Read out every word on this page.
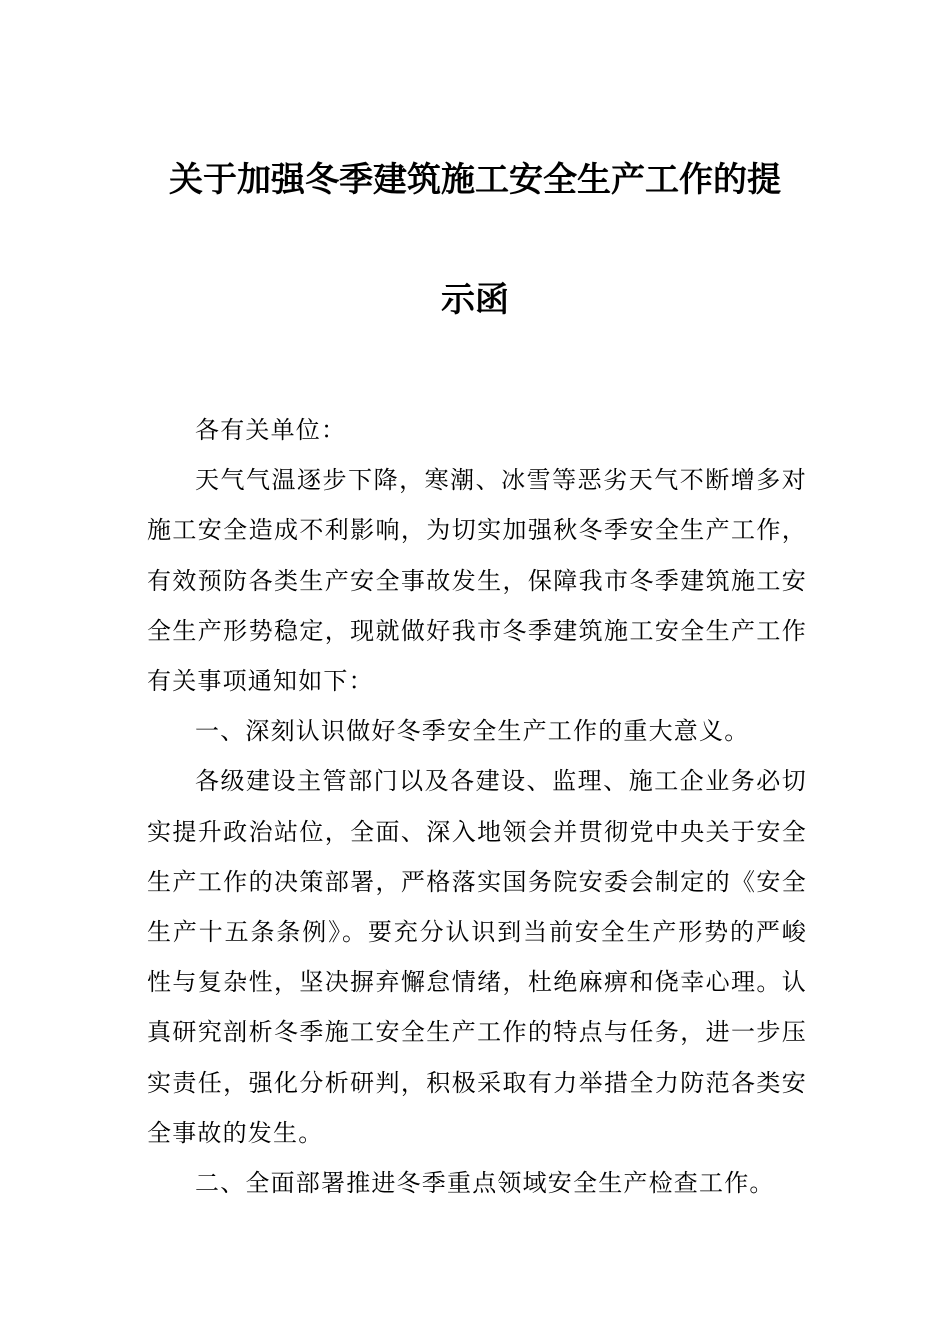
关于加强冬季建筑施工安全生产工作的提
示函

各有关单位：

天气气温逐步下降，寒潮、冰雪等恶劣天气不断增多对施工安全造成不利影响，为切实加强秋冬季安全生产工作，有效预防各类生产安全事故发生，保障我市冬季建筑施工安全生产形势稳定，现就做好我市冬季建筑施工安全生产工作有关事项通知如下：

一、深刻认识做好冬季安全生产工作的重大意义。

各级建设主管部门以及各建设、监理、施工企业务必切实提升政治站位，全面、深入地领会并贯彻党中央关于安全生产工作的决策部署，严格落实国务院安委会制定的《安全生产十五条条例》。要充分认识到当前安全生产形势的严峻性与复杂性，坚决摒弃懈怠情绪，杜绝麻痹和侥幸心理。认真研究剖析冬季施工安全生产工作的特点与任务，进一步压实责任，强化分析研判，积极采取有力举措全力防范各类安全事故的发生。

二、全面部署推进冬季重点领域安全生产检查工作。
